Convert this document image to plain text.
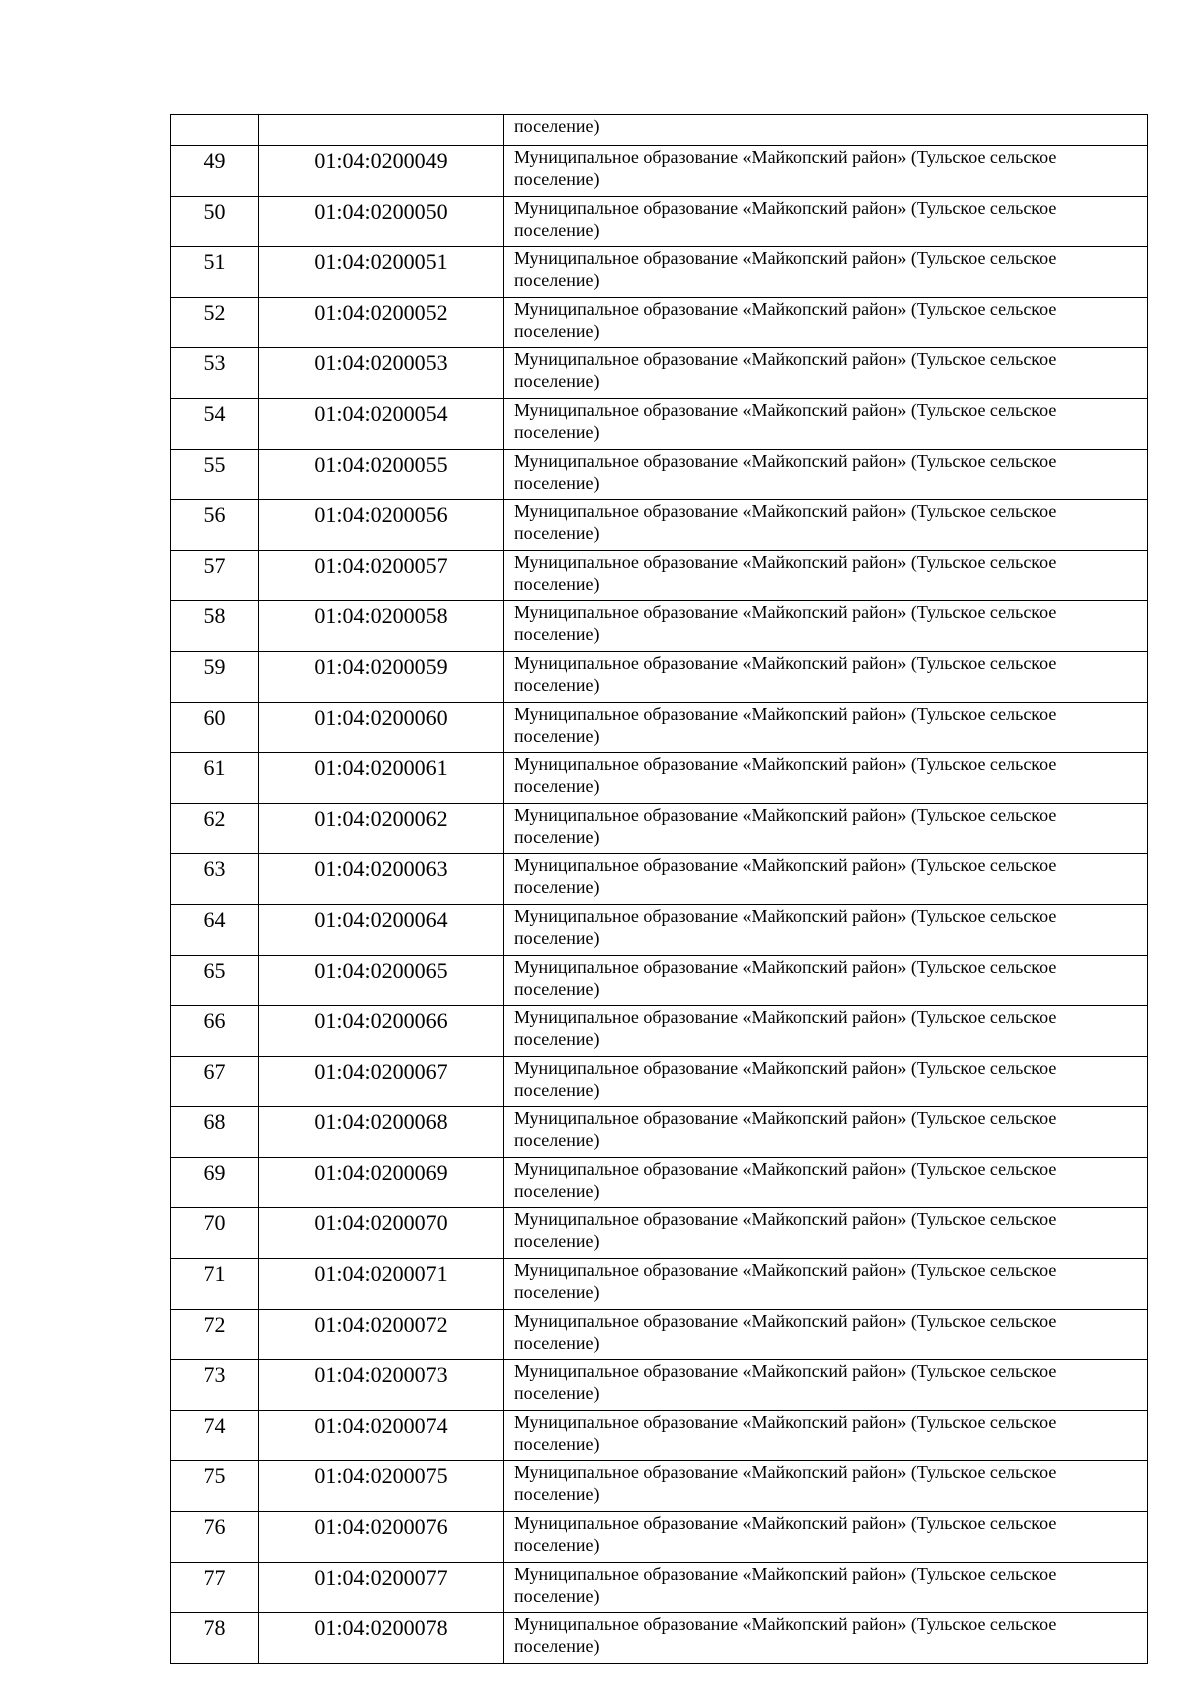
		поселение)

49	01:04:0200049	Муниципальное образование «Майкопский район» (Тульское сельское
поселение)

50	01:04:0200050	Муниципальное образование «Майкопский район» (Тульское сельское
поселение)

51	01:04:0200051	Муниципальное образование «Майкопский район» (Тульское сельское
поселение)

52	01:04:0200052	Муниципальное образование «Майкопский район» (Тульское сельское
поселение)

53	01:04:0200053	Муниципальное образование «Майкопский район» (Тульское сельское
поселение)

54	01:04:0200054	Муниципальное образование «Майкопский район» (Тульское сельское
поселение)

55	01:04:0200055	Муниципальное образование «Майкопский район» (Тульское сельское
поселение)

56	01:04:0200056	Муниципальное образование «Майкопский район» (Тульское сельское
поселение)

57	01:04:0200057	Муниципальное образование «Майкопский район» (Тульское сельское
поселение)

58	01:04:0200058	Муниципальное образование «Майкопский район» (Тульское сельское
поселение)

59	01:04:0200059	Муниципальное образование «Майкопский район» (Тульское сельское
поселение)

60	01:04:0200060	Муниципальное образование «Майкопский район» (Тульское сельское
поселение)

61	01:04:0200061	Муниципальное образование «Майкопский район» (Тульское сельское
поселение)

62	01:04:0200062	Муниципальное образование «Майкопский район» (Тульское сельское
поселение)

63	01:04:0200063	Муниципальное образование «Майкопский район» (Тульское сельское
поселение)

64	01:04:0200064	Муниципальное образование «Майкопский район» (Тульское сельское
поселение)

65	01:04:0200065	Муниципальное образование «Майкопский район» (Тульское сельское
поселение)

66	01:04:0200066	Муниципальное образование «Майкопский район» (Тульское сельское
поселение)

67	01:04:0200067	Муниципальное образование «Майкопский район» (Тульское сельское
поселение)

68	01:04:0200068	Муниципальное образование «Майкопский район» (Тульское сельское
поселение)

69	01:04:0200069	Муниципальное образование «Майкопский район» (Тульское сельское
поселение)

70	01:04:0200070	Муниципальное образование «Майкопский район» (Тульское сельское
поселение)

71	01:04:0200071	Муниципальное образование «Майкопский район» (Тульское сельское
поселение)

72	01:04:0200072	Муниципальное образование «Майкопский район» (Тульское сельское
поселение)

73	01:04:0200073	Муниципальное образование «Майкопский район» (Тульское сельское
поселение)

74	01:04:0200074	Муниципальное образование «Майкопский район» (Тульское сельское
поселение)

75	01:04:0200075	Муниципальное образование «Майкопский район» (Тульское сельское
поселение)

76	01:04:0200076	Муниципальное образование «Майкопский район» (Тульское сельское
поселение)

77	01:04:0200077	Муниципальное образование «Майкопский район» (Тульское сельское
поселение)

78	01:04:0200078	Муниципальное образование «Майкопский район» (Тульское сельское
поселение)
